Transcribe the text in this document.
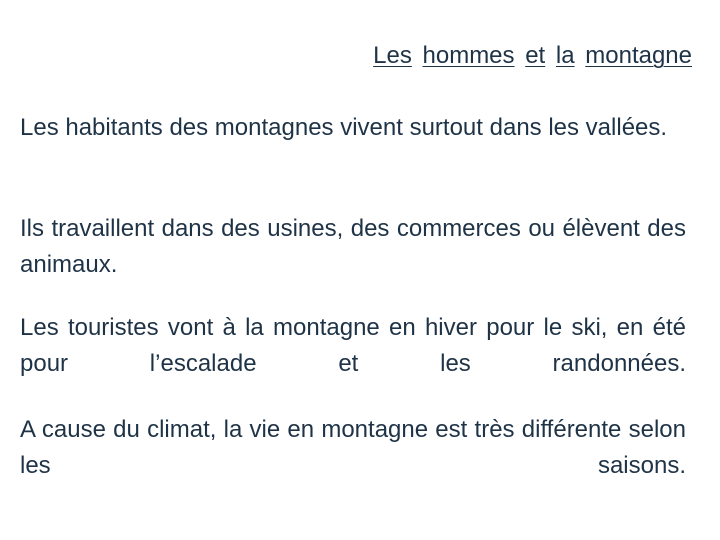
Les hommes et la montagne

Les habitants des montagnes vivent surtout dans les vallées.

Ils travaillent dans des usines, des commerces ou élèvent des animaux.

Les touristes vont à la montagne en hiver pour le ski, en été pour l’escalade et les randonnées.

A cause du climat, la vie en montagne est très différente selon les saisons.
